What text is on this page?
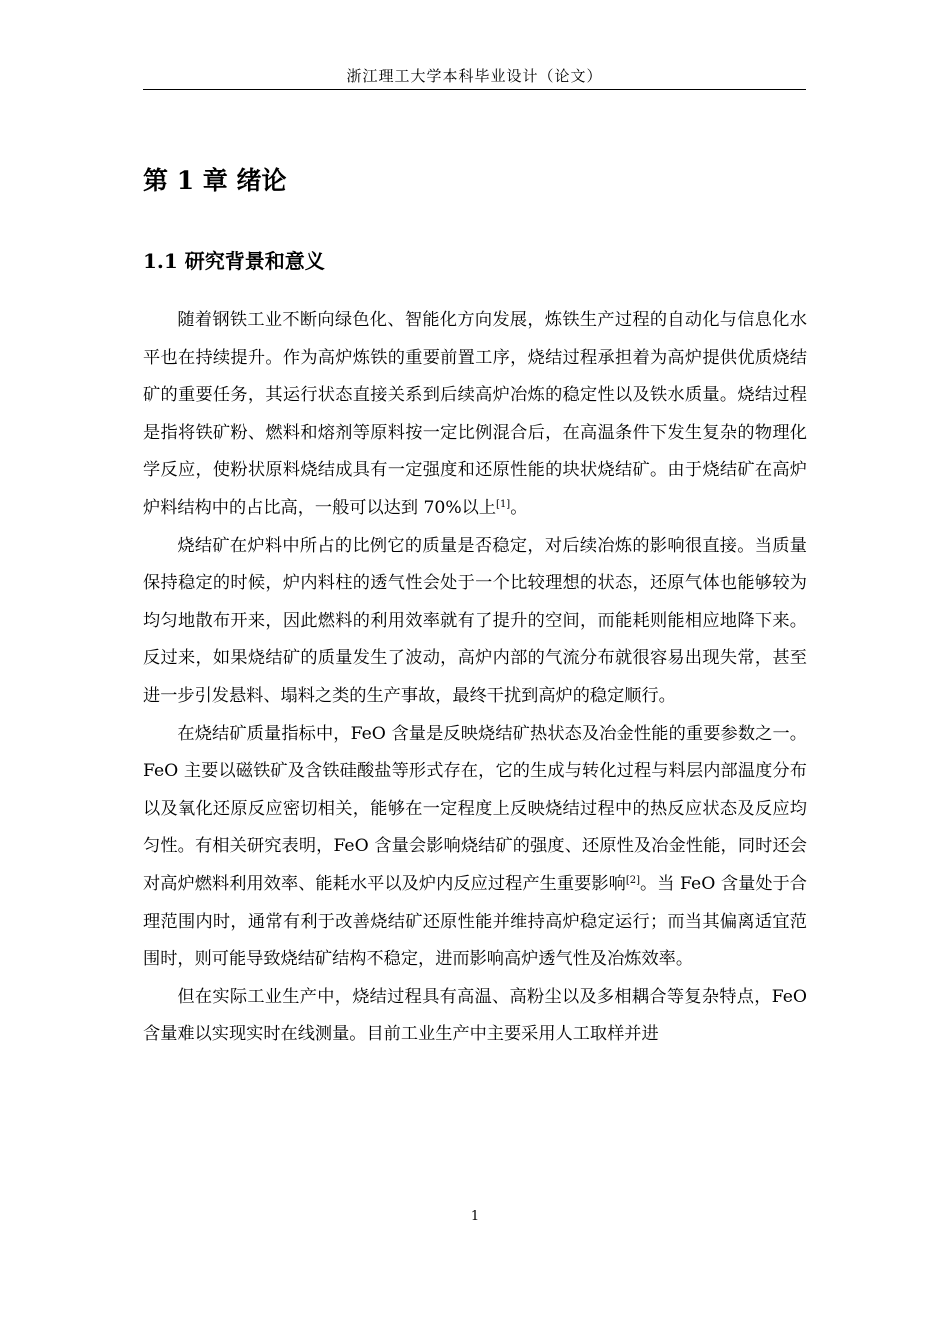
浙江理工大学本科毕业设计（论文）
第 1 章 绪论
1.1 研究背景和意义

随着钢铁工业不断向绿色化、智能化方向发展，炼铁生产过程的自动化与信息化水平也在持续提升。作为高炉炼铁的重要前置工序，烧结过程承担着为高炉提供优质烧结矿的重要任务，其运行状态直接关系到后续高炉冶炼的稳定性以及铁水质量。烧结过程是指将铁矿粉、燃料和熔剂等原料按一定比例混合后，在高温条件下发生复杂的物理化学反应，使粉状原料烧结成具有一定强度和还原性能的块状烧结矿。由于烧结矿在高炉炉料结构中的占比高，一般可以达到 70%以上[1]。

烧结矿在炉料中所占的比例它的质量是否稳定，对后续冶炼的影响很直接。当质量保持稳定的时候，炉内料柱的透气性会处于一个比较理想的状态，还原气体也能够较为均匀地散布开来，因此燃料的利用效率就有了提升的空间，而能耗则能相应地降下来。反过来，如果烧结矿的质量发生了波动，高炉内部的气流分布就很容易出现失常，甚至进一步引发悬料、塌料之类的生产事故，最终干扰到高炉的稳定顺行。

在烧结矿质量指标中，FeO 含量是反映烧结矿热状态及冶金性能的重要参数之一。FeO 主要以磁铁矿及含铁硅酸盐等形式存在，它的生成与转化过程与料层内部温度分布以及氧化还原反应密切相关，能够在一定程度上反映烧结过程中的热反应状态及反应均匀性。有相关研究表明，FeO 含量会影响烧结矿的强度、还原性及冶金性能，同时还会对高炉燃料利用效率、能耗水平以及炉内反应过程产生重要影响[2]。当 FeO 含量处于合理范围内时，通常有利于改善烧结矿还原性能并维持高炉稳定运行；而当其偏离适宜范围时，则可能导致烧结矿结构不稳定，进而影响高炉透气性及冶炼效率。

但在实际工业生产中，烧结过程具有高温、高粉尘以及多相耦合等复杂特点，FeO 含量难以实现实时在线测量。目前工业生产中主要采用人工取样并进

1
